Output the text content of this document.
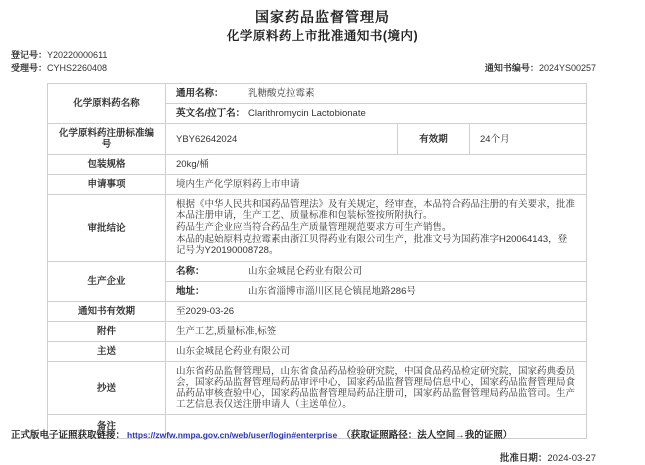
国家药品监督管理局
化学原料药上市批准通知书(境内)
登记号：Y20220000611
受理号：CYHS2260408	通知书编号：2024YS00257
化学原料药名称	通用名称： 乳糖酸克拉霉素		
	英文名/拉丁名： Clarithromycin Lactobionate		
化学原料药注册标准编号	YBY62642024	有效期	24个月
包装规格	20kg/桶		
申请事项	境内生产化学原料药上市申请		
审批结论	根据《中华人民共和国药品管理法》及有关规定，经审查，本品符合药品注册的有关要求，批准本品注册申请，生产工艺、质量标准和包装标签按所附执行。
药品生产企业应当符合药品生产质量管理规范要求方可生产销售。
本品的起始原料克拉霉素由浙江贝得药业有限公司生产，批准文号为国药准字H20064143，登记号为Y20190008728。		

生产企业	名称： 山东金城昆仑药业有限公司		
	地址： 山东省淄博市淄川区昆仑镇昆地路286号		
通知书有效期	至2029-03-26		
附件	生产工艺,质量标准,标签		
主送	山东金城昆仑药业有限公司		
抄送	山东省药品监督管理局，山东省食品药品检验研究院，中国食品药品检定研究院，国家药典委员会，国家药品监督管理局药品审评中心，国家药品监督管理局信息中心，国家药品监督管理局食品药品审核查验中心，国家药品监督管理局药品注册司，国家药品监督管理局药品监管司。生产工艺信息表仅送注册申请人（主送单位）。		
备注			
批准日期：2024-03-27
正式版电子证照获取链接： https://zwfw.nmpa.gov.cn/web/user/login#enterprise （获取证照路径：法人空间→我的证照）
